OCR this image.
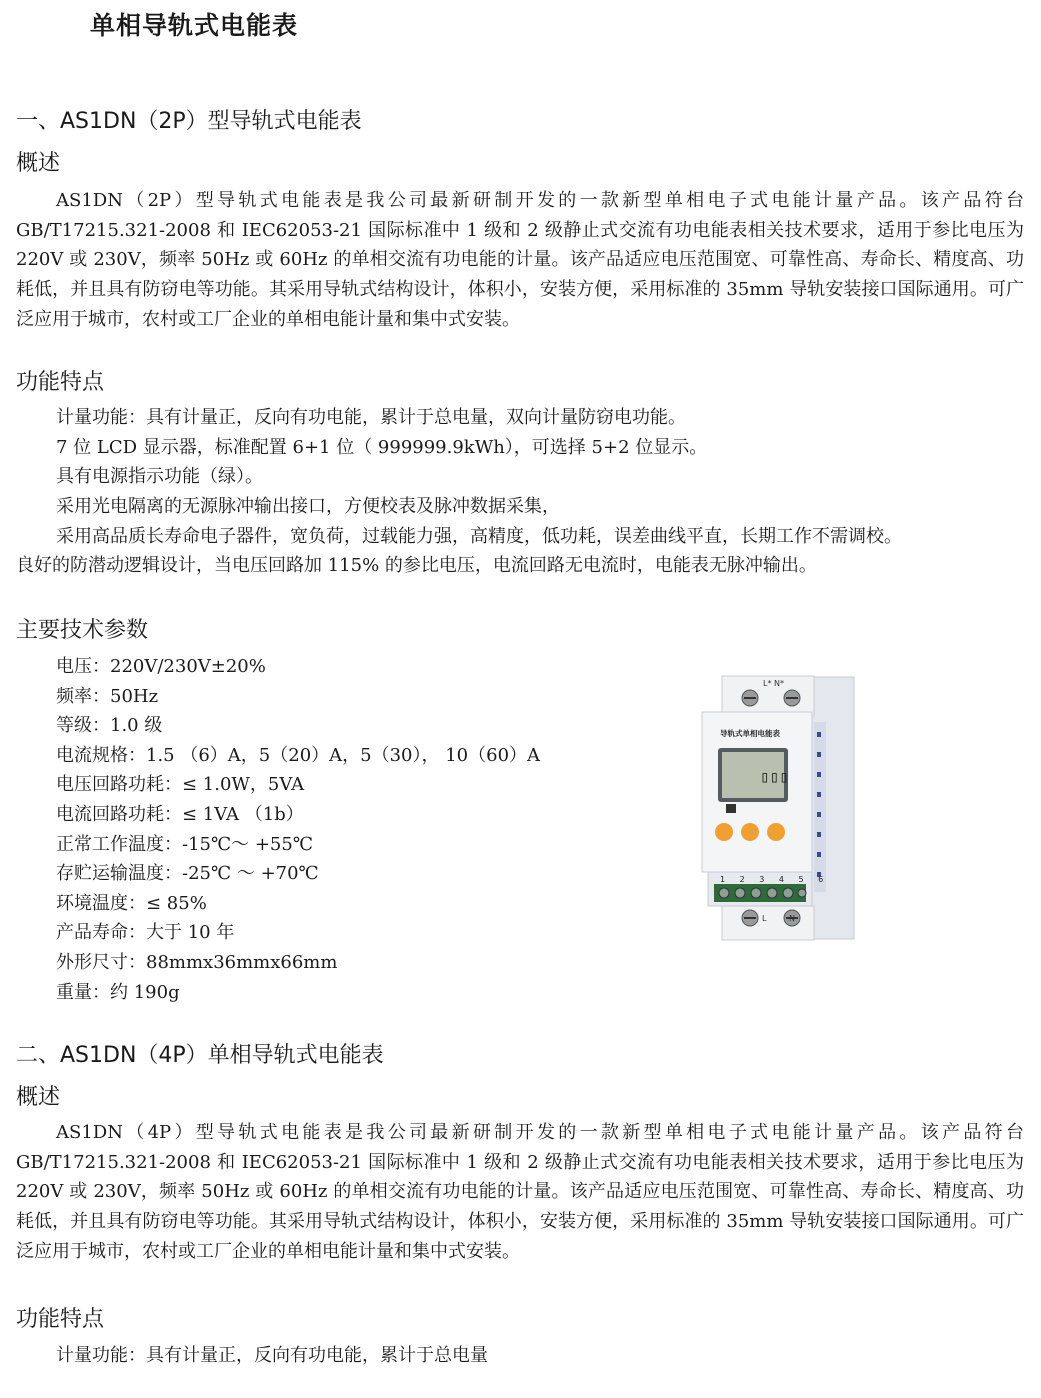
单相导轨式电能表
一、AS1DN（2P）型导轨式电能表
概述

AS1DN（2P）型导轨式电能表是我公司最新研制开发的一款新型单相电子式电能计量产品。该产品符台 GB/T17215.321-2008 和 IEC62053-21 国际标准中 1 级和 2 级静止式交流有功电能表相关技术要求，适用于参比电压为 220V 或 230V，频率 50Hz 或 60Hz 的单相交流有功电能的计量。该产品适应电压范围宽、可靠性高、寿命长、精度高、功耗低，并且具有防窃电等功能。其采用导轨式结构设计，体积小，安装方便，采用标准的 35mm 导轨安装接口国际通用。可广泛应用于城市，农村或工厂企业的单相电能计量和集中式安装。

功能特点
计量功能：具有计量正，反向有功电能，累计于总电量，双向计量防窃电功能。
7 位 LCD 显示器，标准配置 6+1 位（ 999999.9kWh），可选择 5+2 位显示。
具有电源指示功能（绿）。
采用光电隔离的无源脉冲输出接口，方便校表及脉冲数据采集，
采用高品质长寿命电子器件，宽负荷，过载能力强，高精度，低功耗，误差曲线平直，长期工作不需调校。
良好的防潜动逻辑设计，当电压回路加 115% 的参比电压，电流回路无电流时，电能表无脉冲输出。
主要技术参数
电压：220V/230V±20%
频率：50Hz
等级：1.0 级
电流规格：1.5 （6）A，5（20）A，5（30）， 10（60）A
电压回路功耗：≤ 1.0W，5VA
电流回路功耗：≤ 1VA （1b）
正常工作温度：-15℃～ +55℃
存贮运输温度：-25℃ ～ +70℃
环境温度：≤ 85%
产品寿命：大于 10 年
外形尺寸：88mmx36mmx66mm
重量：约 190g
L* N*
导轨式单相电能表
▯▯▯
1 2 3 4 5 6
L N
二、AS1DN（4P）单相导轨式电能表
概述

AS1DN（4P）型导轨式电能表是我公司最新研制开发的一款新型单相电子式电能计量产品。该产品符台 GB/T17215.321-2008 和 IEC62053-21 国际标准中 1 级和 2 级静止式交流有功电能表相关技术要求，适用于参比电压为 220V 或 230V，频率 50Hz 或 60Hz 的单相交流有功电能的计量。该产品适应电压范围宽、可靠性高、寿命长、精度高、功耗低，并且具有防窃电等功能。其采用导轨式结构设计，体积小，安装方便，采用标准的 35mm 导轨安装接口国际通用。可广泛应用于城市，农村或工厂企业的单相电能计量和集中式安装。

功能特点
计量功能：具有计量正，反向有功电能，累计于总电量
